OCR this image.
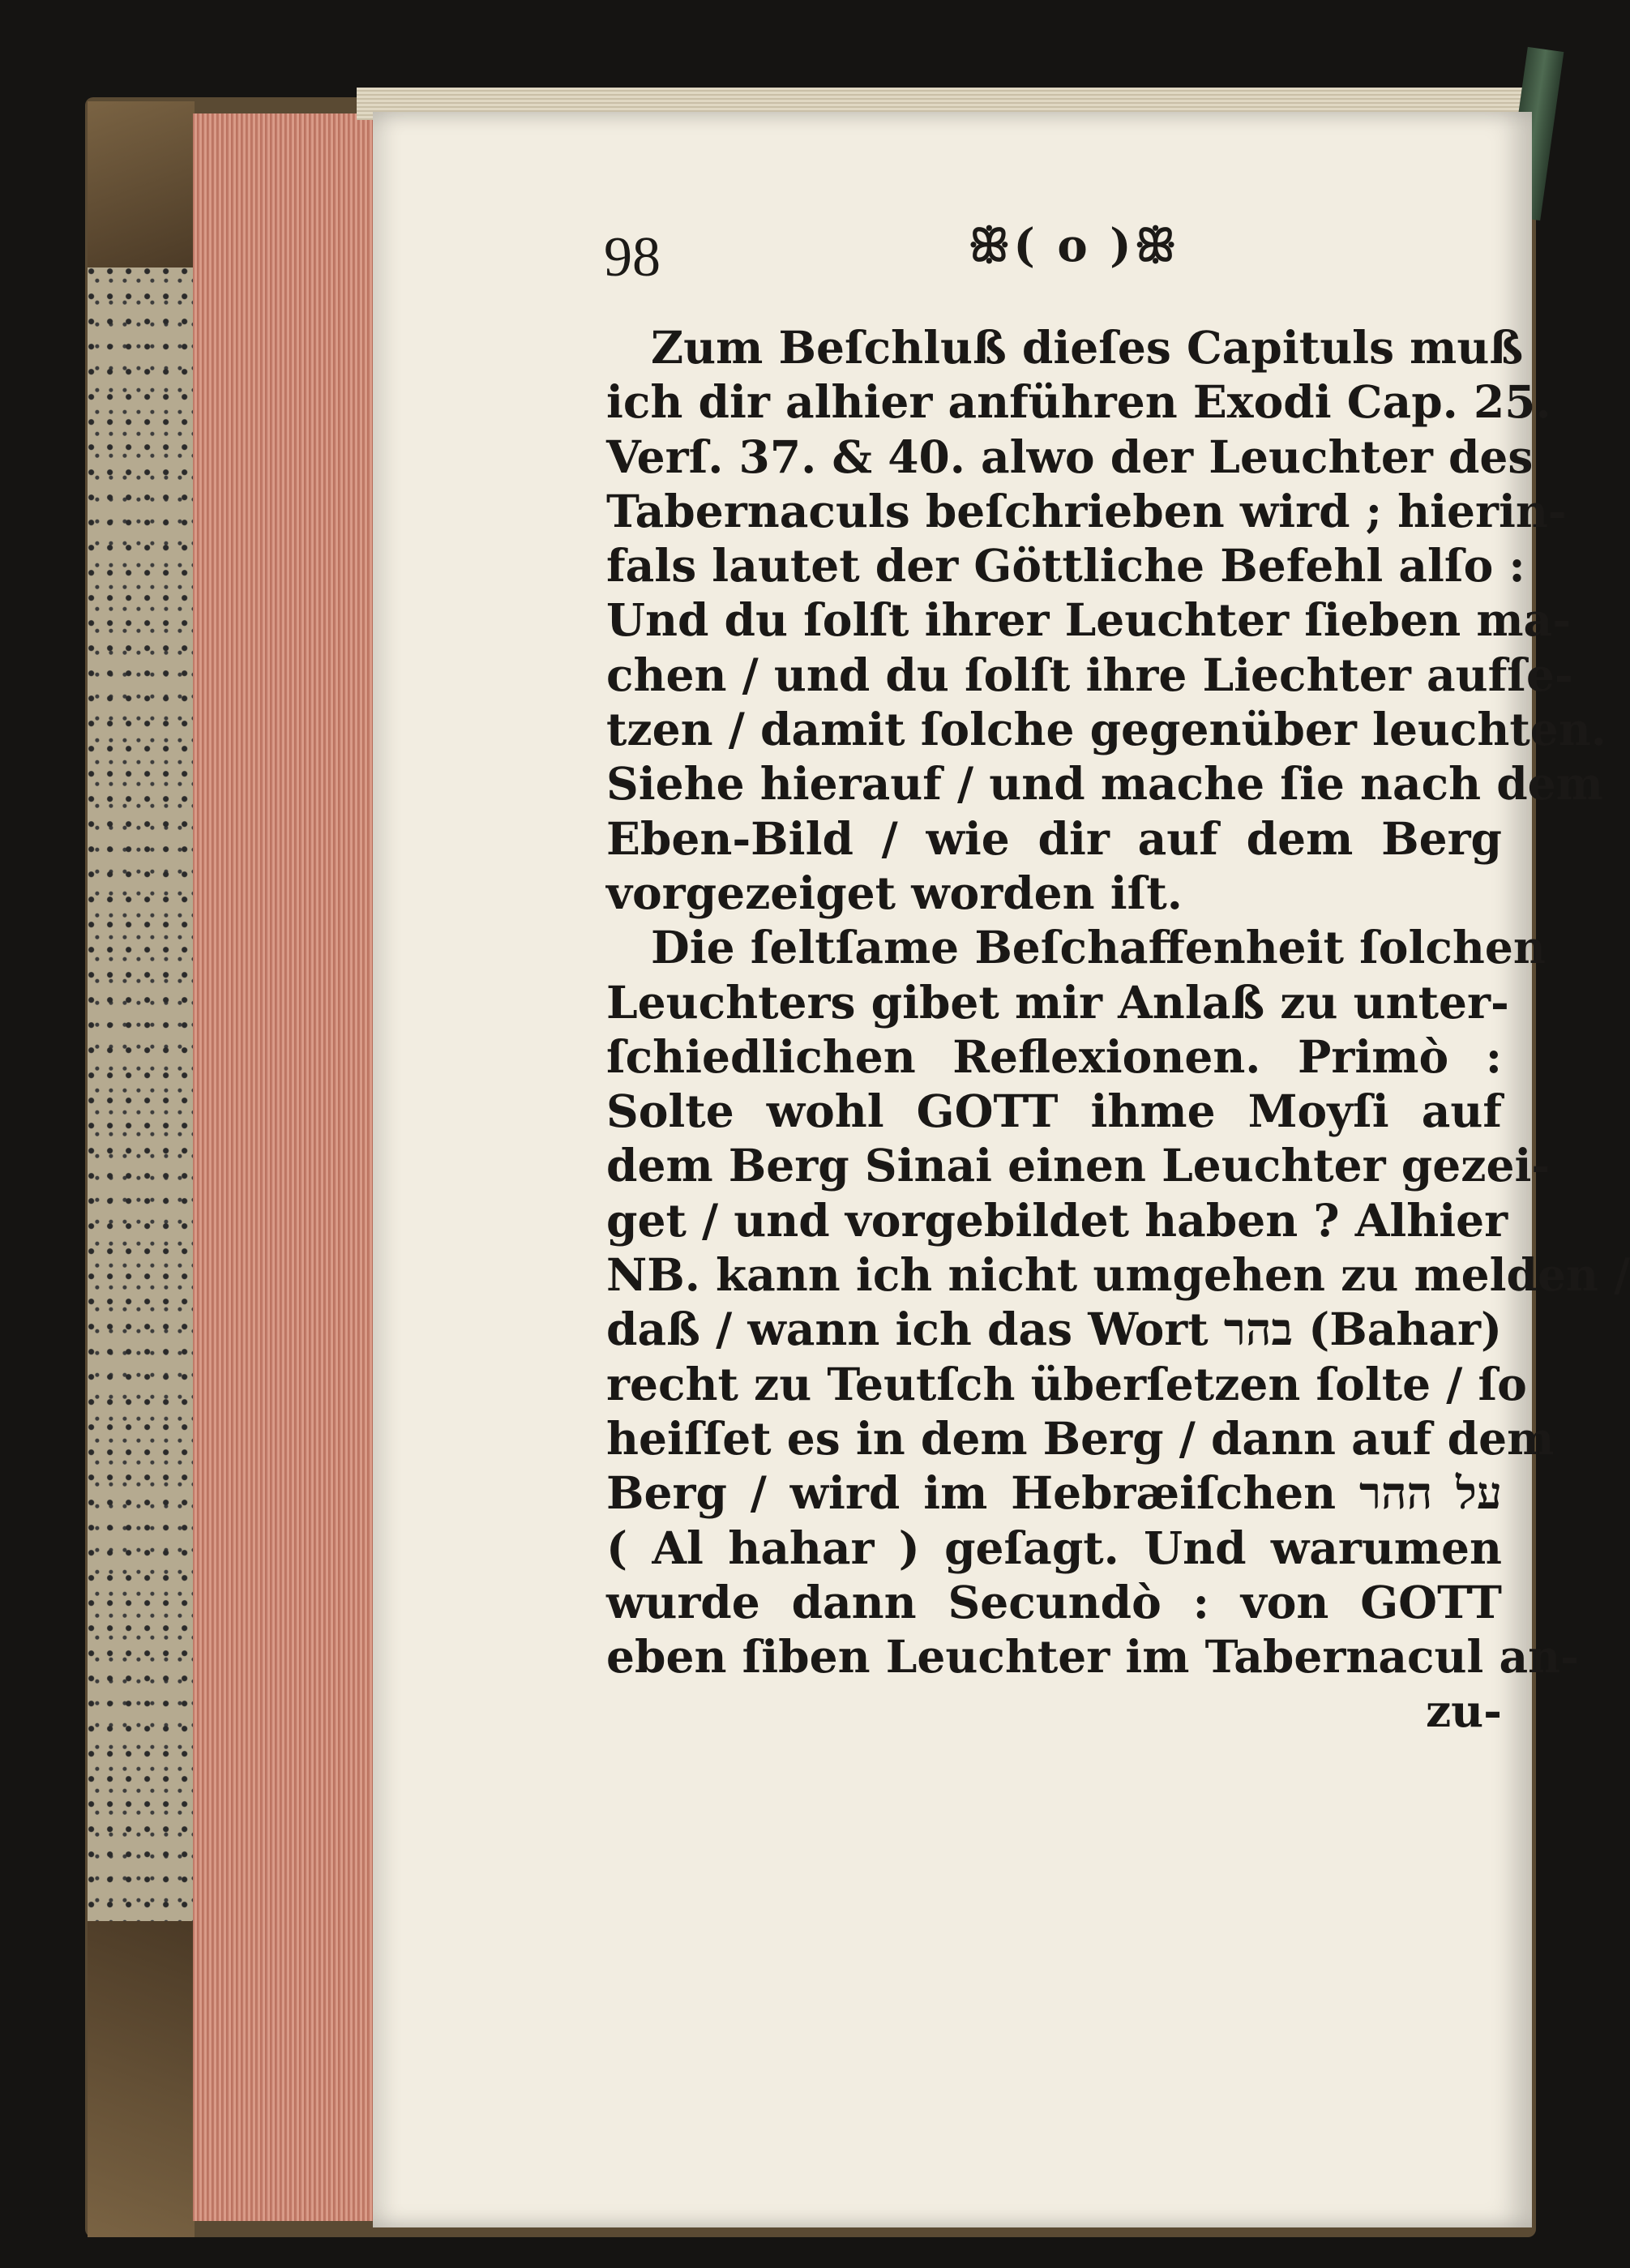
98	ꕥ( o )ꕥ
Zum Beſchluß dieſes Capituls muß
ich dir alhier anführen Exodi Cap. 25.
Verſ. 37. & 40. alwo der Leuchter des
Tabernaculs beſchrieben wird ; hierin-
fals lautet der Göttliche Befehl alſo :
Und du ſolſt ihrer Leuchter ſieben ma-
chen / und du ſolſt ihre Liechter aufſe-
tzen / damit ſolche gegenüber leuchten.
Siehe hierauf / und mache ſie nach dem
Eben-Bild / wie dir auf dem Berg
vorgezeiget worden iſt.
Die ſeltſame Beſchaffenheit ſolchen
Leuchters gibet mir Anlaß zu unter-
ſchiedlichen Reflexionen. Primò :
Solte wohl GOTT ihme Moyſi auf
dem Berg Sinai einen Leuchter gezei-
get / und vorgebildet haben ? Alhier
NB. kann ich nicht umgehen zu melden /
daß / wann ich das Wort בהר (Bahar)
recht zu Teutſch überſetzen ſolte / ſo
heiſſet es in dem Berg / dann auf dem
Berg / wird im Hebræiſchen על ההר
( Al hahar ) geſagt. Und warumen
wurde dann Secundò : von GOTT
eben ſiben Leuchter im Tabernacul an-
zu-
